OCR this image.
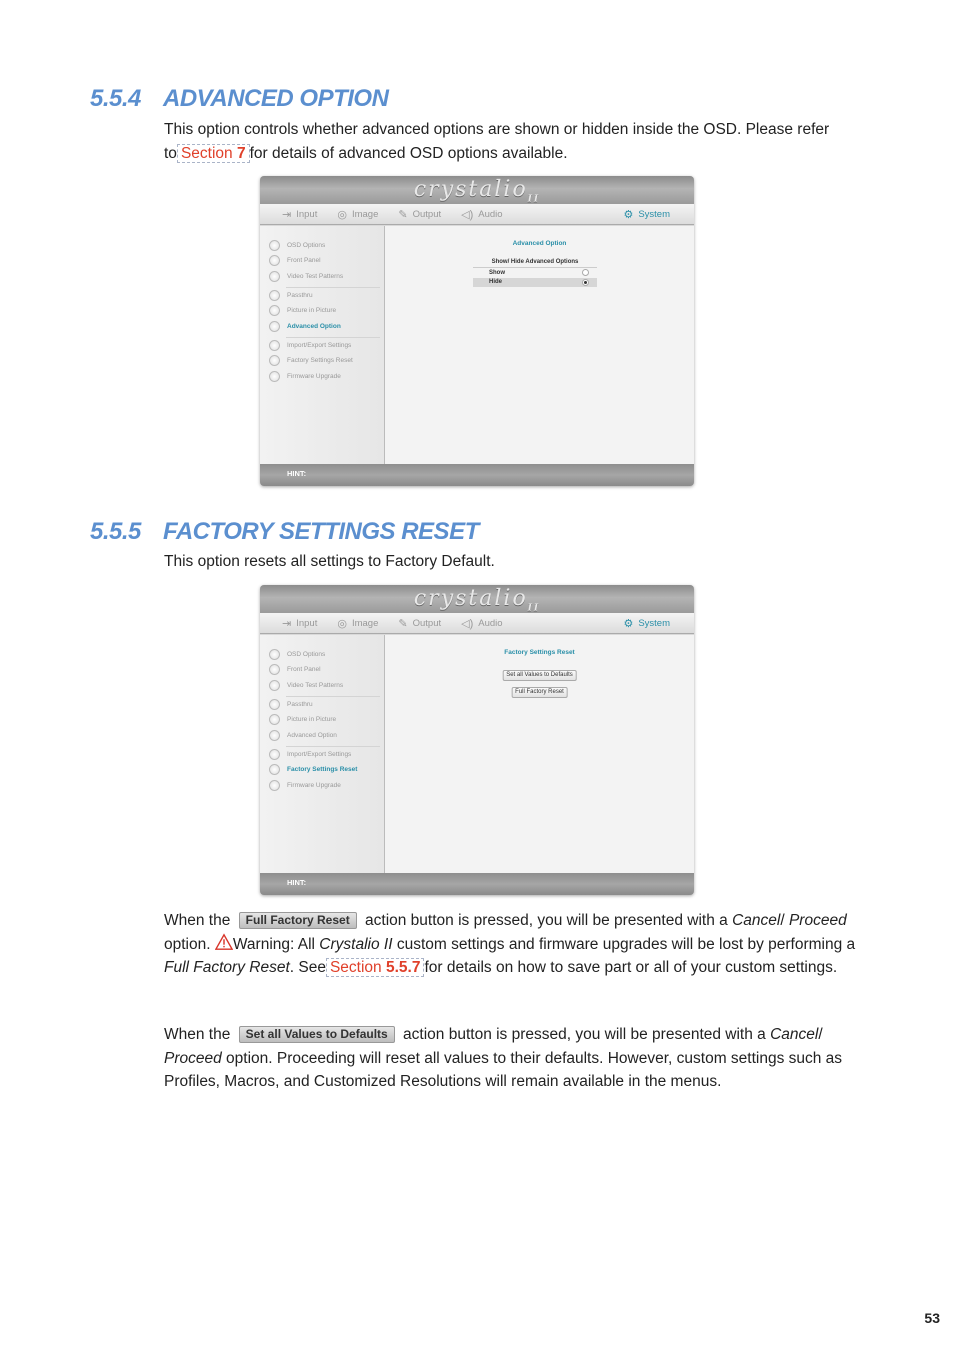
5.5.4 ADVANCED OPTION
This option controls whether advanced options are shown or hidden inside the OSD. Please refer to Section 7 for details of advanced OSD options available.
crystalio$_{II}$
⇥ Input ◎ Image ✎ Output ◁) Audio	⚙ System
OSD Options
Front Panel
Video Test Patterns
Passthru
Picture in Picture
Advanced Option
Import/Export Settings
Factory Settings Reset
Firmware Upgrade
Advanced Option
Show/ Hide Advanced Options
Show
Hide
HINT:
5.5.5 FACTORY SETTINGS RESET
This option resets all settings to Factory Default.
crystalio$_{II}$
⇥ Input ◎ Image ✎ Output ◁) Audio	⚙ System
OSD Options
Front Panel
Video Test Patterns
Passthru
Picture in Picture
Advanced Option
Import/Export Settings
Factory Settings Reset
Firmware Upgrade
Factory Settings Reset
Set all Values to Defaults
Full Factory Reset
HINT:
When the Full Factory Reset action button is pressed, you will be presented with a Cancel/ Proceed option. Warning: All Crystalio II custom settings and firmware upgrades will be lost by performing a Full Factory Reset. See Section 5.5.7 for details on how to save part or all of your custom settings.
When the Set all Values to Defaults action button is pressed, you will be presented with a Cancel/ Proceed option. Proceeding will reset all values to their defaults. However, custom settings such as Profiles, Macros, and Customized Resolutions will remain available in the menus.
53
